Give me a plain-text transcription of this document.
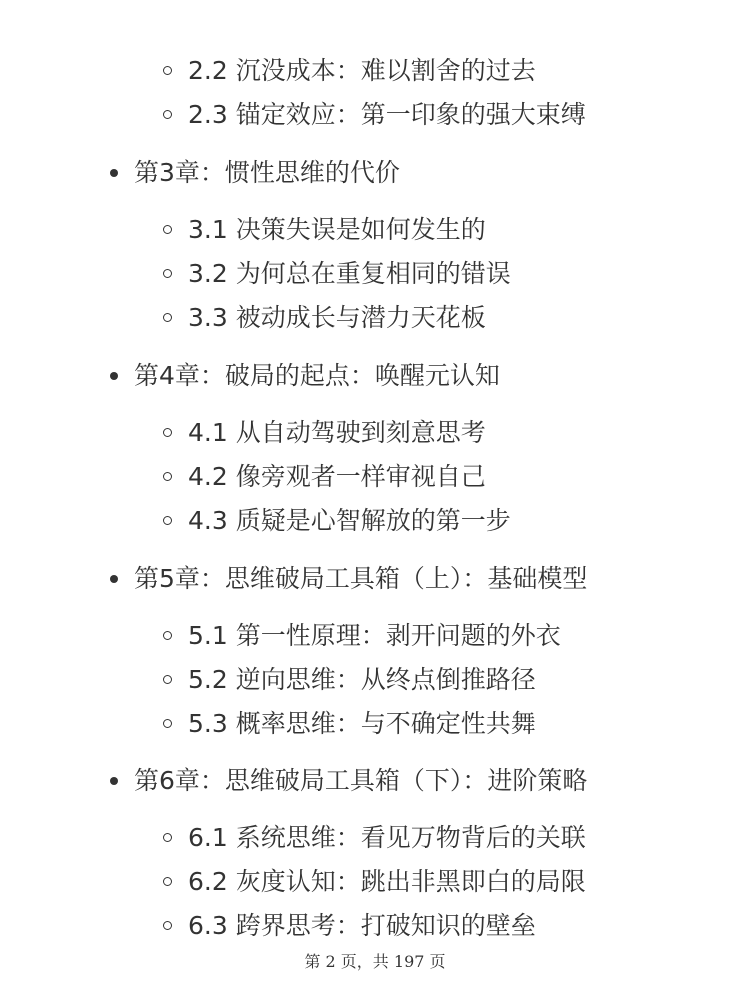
2.2 沉没成本：难以割舍的过去
2.3 锚定效应：第一印象的强大束缚
第3章：惯性思维的代价
3.1 决策失误是如何发生的
3.2 为何总在重复相同的错误
3.3 被动成长与潜力天花板
第4章：破局的起点：唤醒元认知
4.1 从自动驾驶到刻意思考
4.2 像旁观者一样审视自己
4.3 质疑是心智解放的第一步
第5章：思维破局工具箱（上）：基础模型
5.1 第一性原理：剥开问题的外衣
5.2 逆向思维：从终点倒推路径
5.3 概率思维：与不确定性共舞
第6章：思维破局工具箱（下）：进阶策略
6.1 系统思维：看见万物背后的关联
6.2 灰度认知：跳出非黑即白的局限
6.3 跨界思考：打破知识的壁垒
第 2 页，共 197 页
